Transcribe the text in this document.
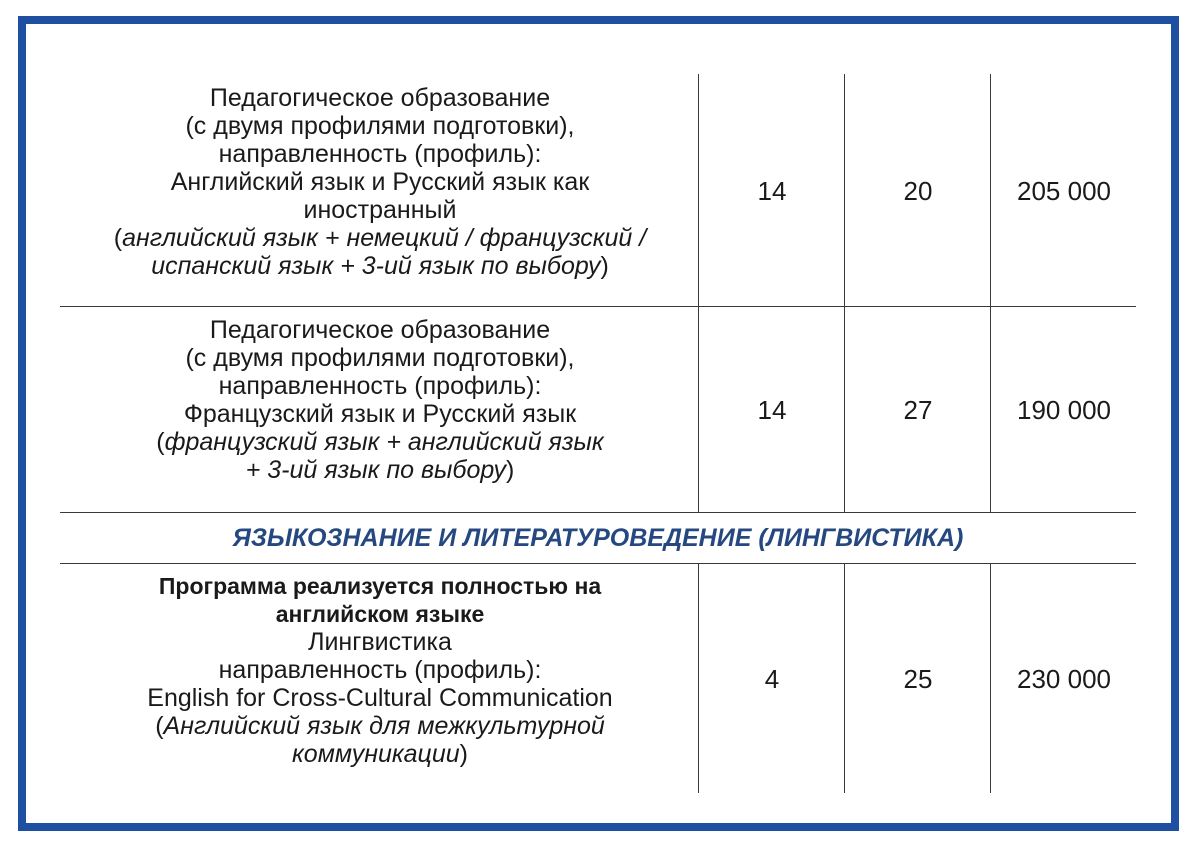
Педагогическое образование
(с двумя профилями подготовки),
направленность (профиль):
Английский язык и Русский язык как
иностранный
(английский язык + немецкий / французский /
испанский язык + 3-ий язык по выбору)
14	20	205 000
Педагогическое образование
(с двумя профилями подготовки),
направленность (профиль):
Французский язык и Русский язык
(французский язык + английский язык
+ 3-ий язык по выбору)
14	27	190 000
ЯЗЫКОЗНАНИЕ И ЛИТЕРАТУРОВЕДЕНИЕ (ЛИНГВИСТИКА)
Программа реализуется полностью на
английском языке
Лингвистика
направленность (профиль):
English for Cross-Cultural Communication
(Английский язык для межкультурной
коммуникации)
4	25	230 000
